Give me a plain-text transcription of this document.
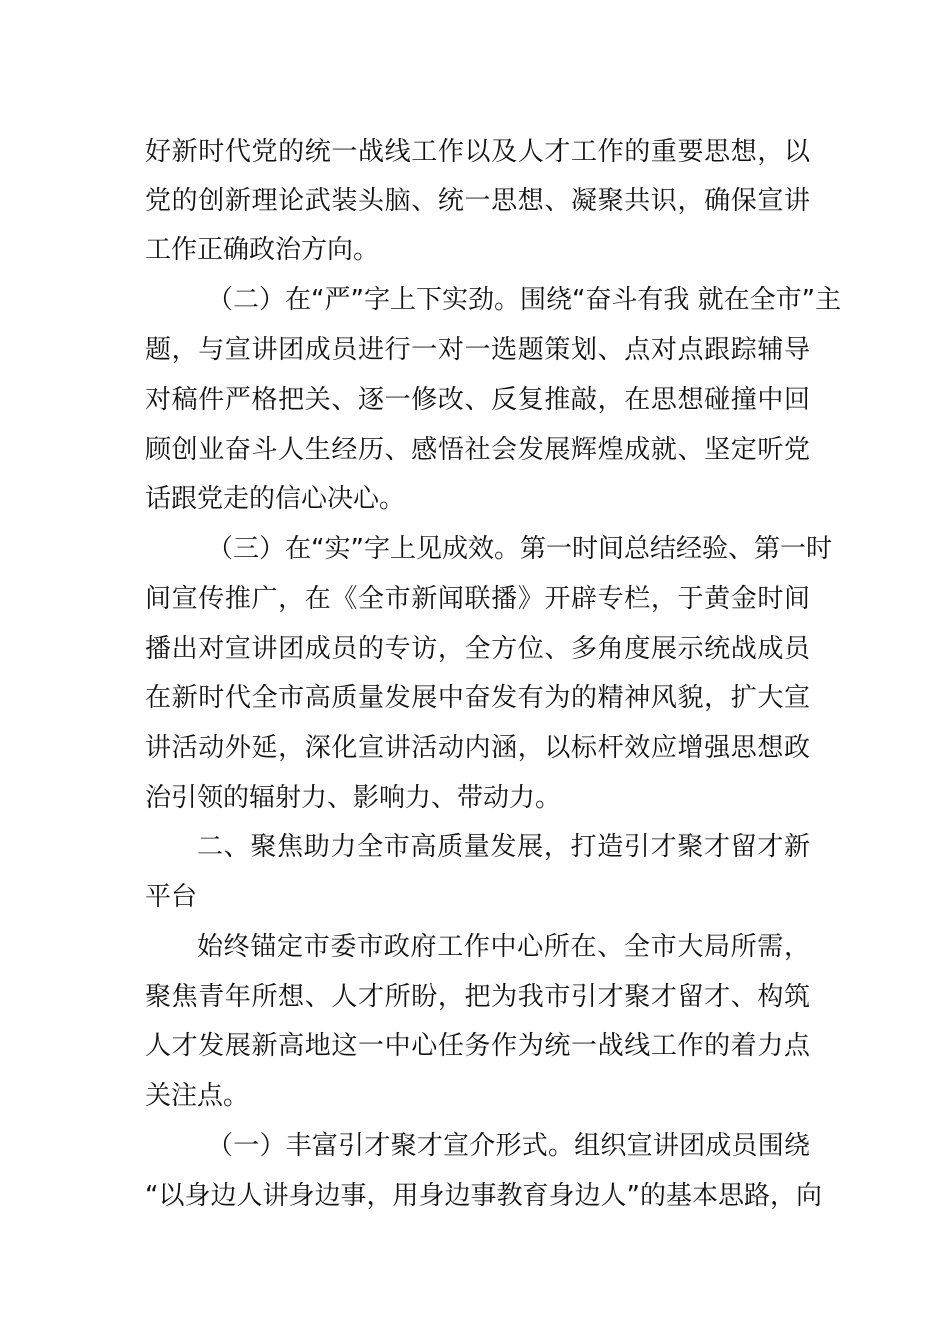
好新时代党的统一战线工作以及人才工作的重要思想，以
党的创新理论武装头脑、统一思想、凝聚共识，确保宣讲
工作正确政治方向。
（二）在“严”字上下实劲。围绕“奋斗有我 就在全市”主
题，与宣讲团成员进行一对一选题策划、点对点跟踪辅导
对稿件严格把关、逐一修改、反复推敲，在思想碰撞中回
顾创业奋斗人生经历、感悟社会发展辉煌成就、坚定听党
话跟党走的信心决心。
（三）在“实”字上见成效。第一时间总结经验、第一时
间宣传推广，在《全市新闻联播》开辟专栏，于黄金时间
播出对宣讲团成员的专访，全方位、多角度展示统战成员
在新时代全市高质量发展中奋发有为的精神风貌，扩大宣
讲活动外延，深化宣讲活动内涵，以标杆效应增强思想政
治引领的辐射力、影响力、带动力。
二、聚焦助力全市高质量发展，打造引才聚才留才新
平台
始终锚定市委市政府工作中心所在、全市大局所需，
聚焦青年所想、人才所盼，把为我市引才聚才留才、构筑
人才发展新高地这一中心任务作为统一战线工作的着力点
关注点。
（一）丰富引才聚才宣介形式。组织宣讲团成员围绕
“以身边人讲身边事，用身边事教育身边人”的基本思路，向
